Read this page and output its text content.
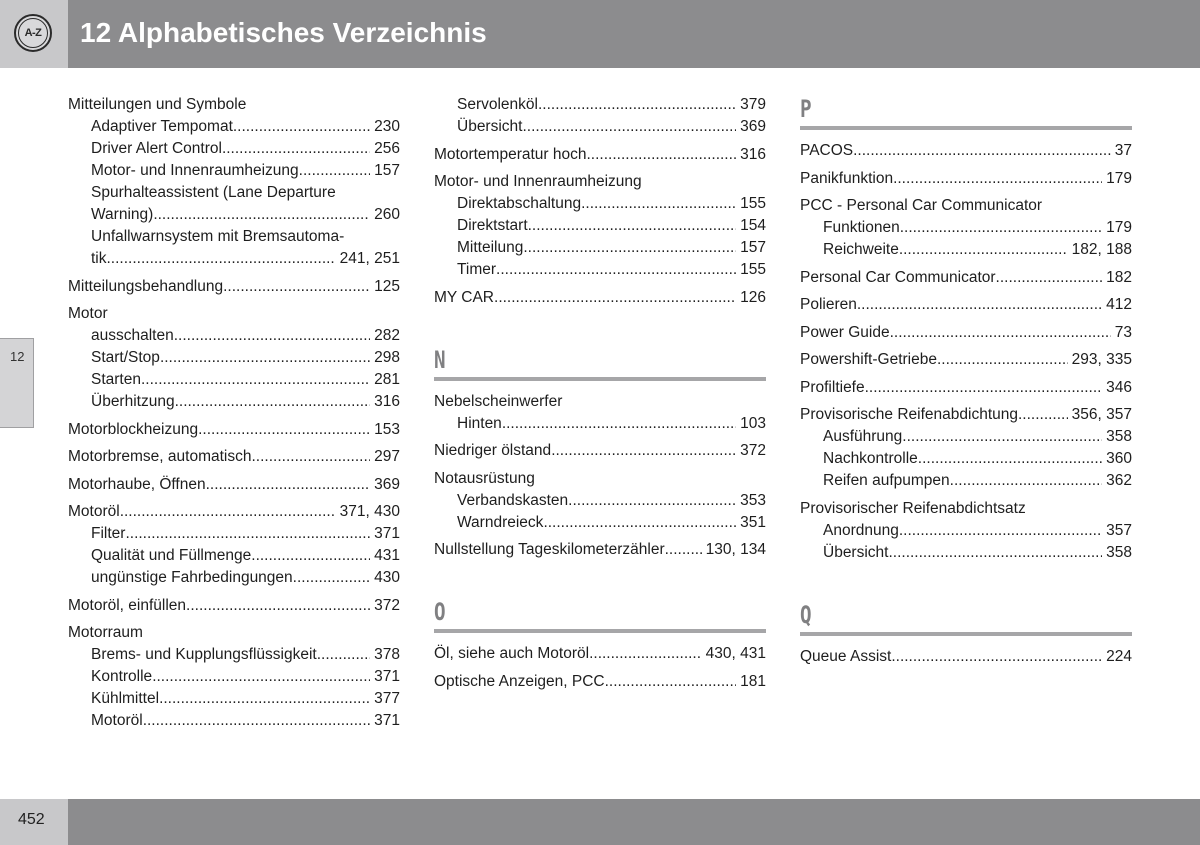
A-Z 12 Alphabetisches Verzeichnis
12
Mitteilungen und Symbole
Adaptiver Tempomat .....	230
Driver Alert Control .....	256
Motor- und Innenraumheizung .....	157
Spurhalteassistent (Lane Departure
Warning) .....	260
Unfallwarnsystem mit Bremsautoma-
tik .....	241, 251
Mitteilungsbehandlung .....	125
Motor
ausschalten .....	282
Start/Stop .....	298
Starten .....	281
Überhitzung .....	316
Motorblockheizung .....	153
Motorbremse, automatisch .....	297
Motorhaube, Öffnen .....	369
Motoröl .....	371, 430
Filter .....	371
Qualität und Füllmenge .....	431
ungünstige Fahrbedingungen .....	430
Motoröl, einfüllen .....	372
Motorraum
Brems- und Kupplungsflüssigkeit .....	378
Kontrolle .....	371
Kühlmittel .....	377
Motoröl .....	371
Servolenköl .....	379
Übersicht .....	369
Motortemperatur hoch .....	316
Motor- und Innenraumheizung
Direktabschaltung .....	155
Direktstart .....	154
Mitteilung .....	157
Timer .....	155
MY CAR .....	126
N
Nebelscheinwerfer
Hinten .....	103
Niedriger ölstand .....	372
Notausrüstung
Verbandskasten .....	353
Warndreieck .....	351
Nullstellung Tageskilometerzähler .....	130, 134
O
Öl, siehe auch Motoröl .....	430, 431
Optische Anzeigen, PCC .....	181
P
PACOS .....	37
Panikfunktion .....	179
PCC - Personal Car Communicator
Funktionen .....	179
Reichweite .....	182, 188
Personal Car Communicator .....	182
Polieren .....	412
Power Guide .....	73
Powershift-Getriebe .....	293, 335
Profiltiefe .....	346
Provisorische Reifenabdichtung .....	356, 357
Ausführung .....	358
Nachkontrolle .....	360
Reifen aufpumpen .....	362
Provisorischer Reifenabdichtsatz
Anordnung .....	357
Übersicht .....	358
Q
Queue Assist .....	224
452
